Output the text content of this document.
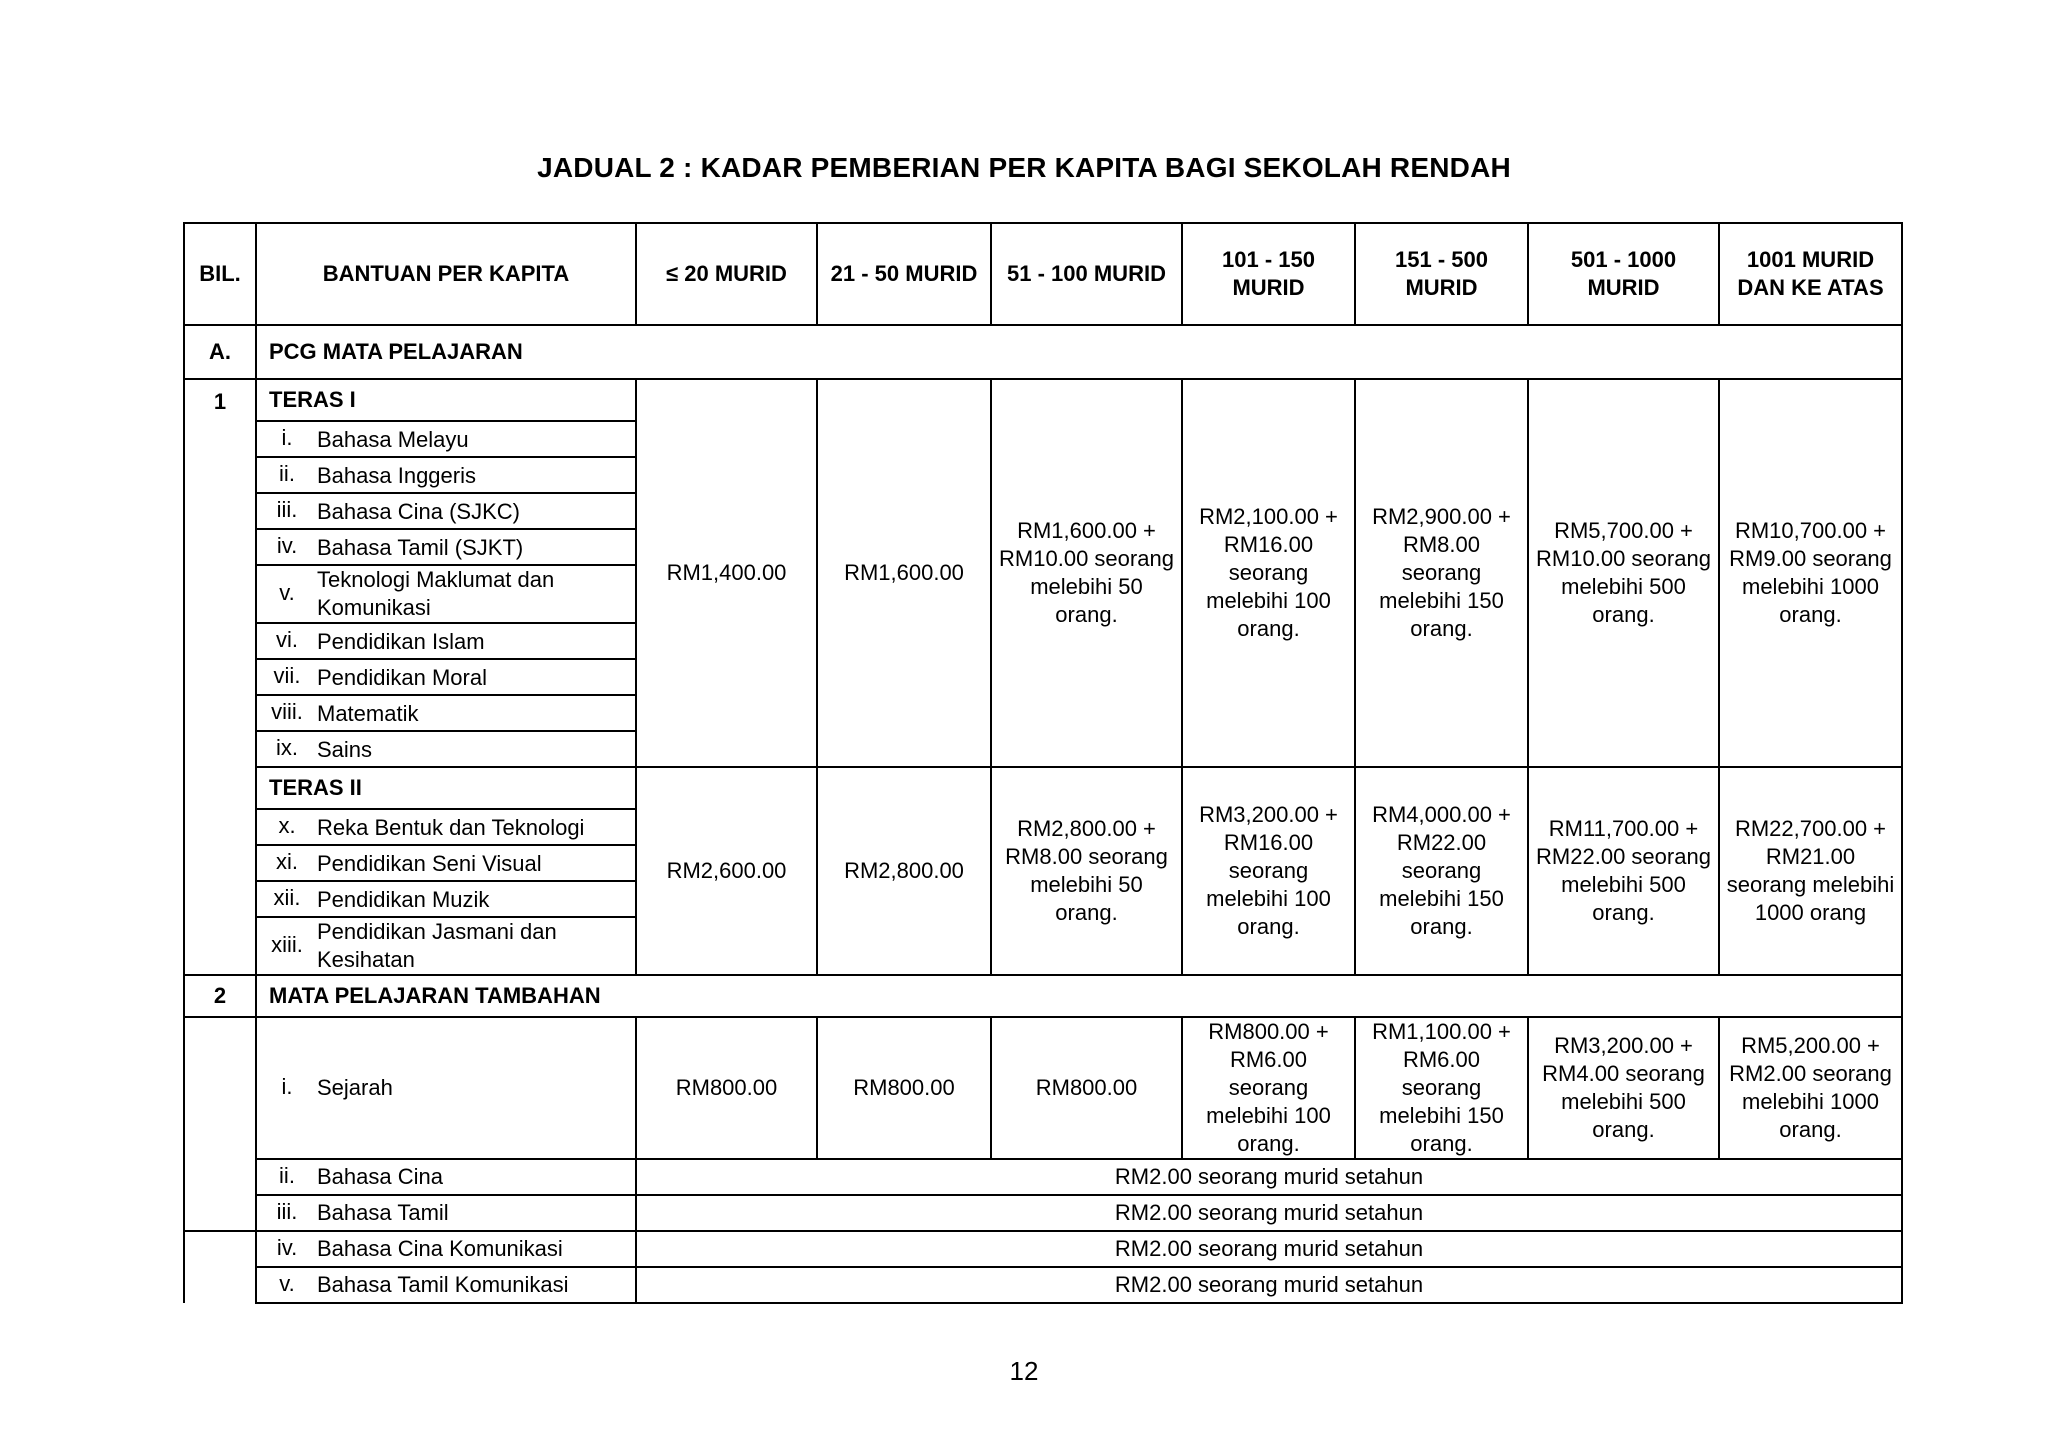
JADUAL 2 : KADAR PEMBERIAN PER KAPITA BAGI SEKOLAH RENDAH
BIL.	BANTUAN PER KAPITA	≤ 20 MURID	21 - 50 MURID	51 - 100 MURID	101 - 150 MURID	151 - 500 MURID	501 - 1000 MURID	1001 MURID DAN KE ATAS
A.	PCG MATA PELAJARAN							
1	TERAS I	RM1,400.00	RM1,600.00	RM1,600.00 + RM10.00 seorang melebihi 50 orang.	RM2,100.00 + RM16.00 seorang melebihi 100 orang.	RM2,900.00 + RM8.00 seorang melebihi 150 orang.	RM5,700.00 + RM10.00 seorang melebihi 500 orang.	RM10,700.00 + RM9.00 seorang melebihi 1000 orang.
	i. Bahasa Melayu							
	ii. Bahasa Inggeris							
	iii. Bahasa Cina (SJKC)							
	iv. Bahasa Tamil (SJKT)							
	v.Teknologi Maklumat dan Komunikasi							
	vi. Pendidikan Islam							
	vii. Pendidikan Moral							
	viii. Matematik							
	ix. Sains							
	TERAS II	RM2,600.00	RM2,800.00	RM2,800.00 + RM8.00 seorang melebihi 50 orang.	RM3,200.00 + RM16.00 seorang melebihi 100 orang.	RM4,000.00 + RM22.00 seorang melebihi 150 orang.	RM11,700.00 + RM22.00 seorang melebihi 500 orang.	RM22,700.00 + RM21.00 seorang melebihi 1000 orang
	x. Reka Bentuk dan Teknologi							
	xi. Pendidikan Seni Visual							
	xii. Pendidikan Muzik							
	xiii.Pendidikan Jasmani dan Kesihatan							
2	MATA PELAJARAN TAMBAHAN							
	i. Sejarah	RM800.00	RM800.00	RM800.00	RM800.00 + RM6.00 seorang melebihi 100 orang.	RM1,100.00 + RM6.00 seorang melebihi 150 orang.	RM3,200.00 + RM4.00 seorang melebihi 500 orang.	RM5,200.00 + RM2.00 seorang melebihi 1000 orang.
	ii. Bahasa Cina	RM2.00 seorang murid setahun						
	iii. Bahasa Tamil	RM2.00 seorang murid setahun						
	iv. Bahasa Cina Komunikasi	RM2.00 seorang murid setahun						
	v. Bahasa Tamil Komunikasi	RM2.00 seorang murid setahun						
12
